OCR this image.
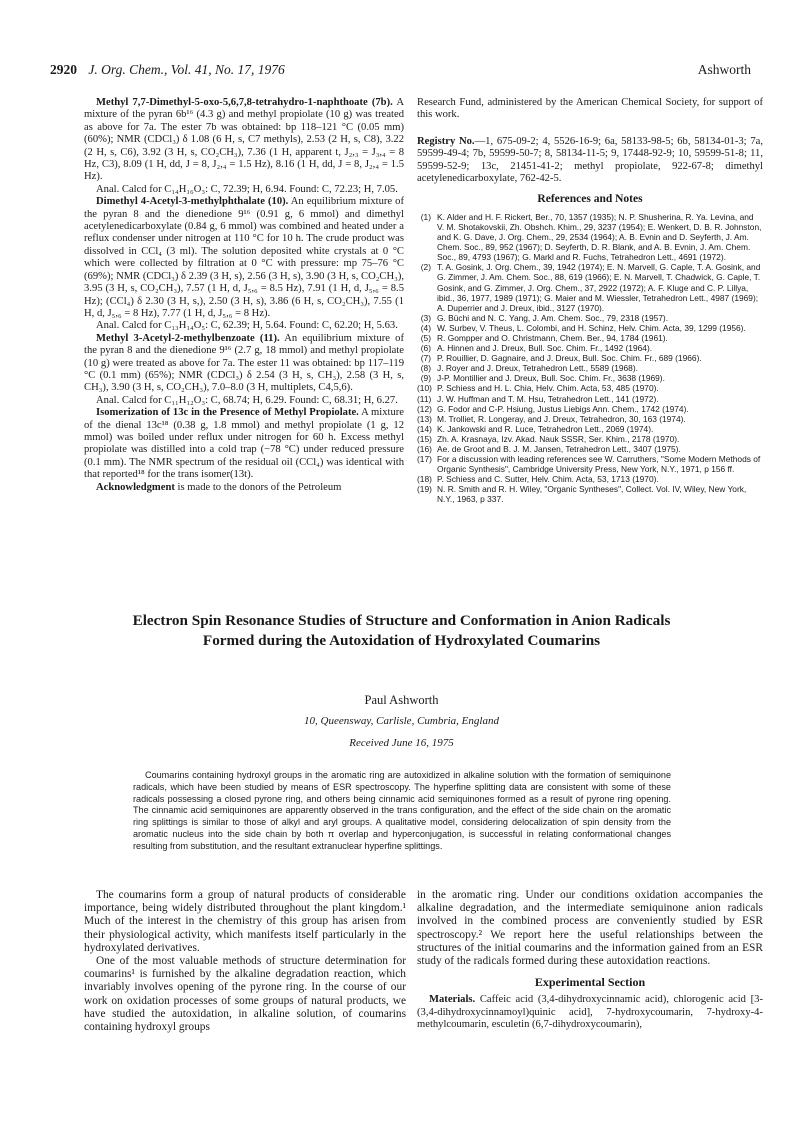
2920 J. Org. Chem., Vol. 41, No. 17, 1976	Ashworth

Methyl 7,7-Dimethyl-5-oxo-5,6,7,8-tetrahydro-1-naphthoate (7b). A mixture of the pyran 6b¹⁶ (4.3 g) and methyl propiolate (10 g) was treated as above for 7a. The ester 7b was obtained: bp 118–121 °C (0.05 mm) (60%); NMR (CDCl₃) δ 1.08 (6 H, s, C7 methyls), 2.53 (2 H, s, C8), 3.22 (2 H, s, C6), 3.92 (3 H, s, CO₂CH₃), 7.36 (1 H, apparent t, J₂,₃ = J₃,₄ = 8 Hz, C3), 8.09 (1 H, dd, J = 8, J₂,₄ = 1.5 Hz), 8.16 (1 H, dd, J = 8, J₂,₄ = 1.5 Hz).

Anal. Calcd for C₁₄H₁₆O₃: C, 72.39; H, 6.94. Found: C, 72.23; H, 7.05.

Dimethyl 4-Acetyl-3-methylphthalate (10). An equilibrium mixture of the pyran 8 and the dienedione 9¹⁶ (0.91 g, 6 mmol) and dimethyl acetylenedicarboxylate (0.84 g, 6 mmol) was combined and heated under a reflux condenser under nitrogen at 110 °C for 10 h. The crude product was dissolved in CCl₄ (3 ml). The solution deposited white crystals at 0 °C which were collected by filtration at 0 °C with pressure: mp 75–76 °C (69%); NMR (CDCl₃) δ 2.39 (3 H, s), 2.56 (3 H, s), 3.90 (3 H, s, CO₂CH₃), 3.95 (3 H, s, CO₂CH₃), 7.57 (1 H, d, J₅,₆ = 8.5 Hz), 7.91 (1 H, d, J₅,₆ = 8.5 Hz); (CCl₄) δ 2.30 (3 H, s,), 2.50 (3 H, s), 3.86 (6 H, s, CO₂CH₃), 7.55 (1 H, d, J₅,₆ = 8 Hz), 7.77 (1 H, d, J₅,₆ = 8 Hz).

Anal. Calcd for C₁₃H₁₄O₅: C, 62.39; H, 5.64. Found: C, 62.20; H, 5.63.

Methyl 3-Acetyl-2-methylbenzoate (11). An equilibrium mixture of the pyran 8 and the dienedione 9¹⁶ (2.7 g, 18 mmol) and methyl propiolate (10 g) were treated as above for 7a. The ester 11 was obtained: bp 117–119 °C (0.1 mm) (65%); NMR (CDCl₃) δ 2.54 (3 H, s, CH₃), 2.58 (3 H, s, CH₃), 3.90 (3 H, s, CO₂CH₃), 7.0–8.0 (3 H, multiplets, C4,5,6).

Anal. Calcd for C₁₁H₁₂O₃: C, 68.74; H, 6.29. Found: C, 68.31; H, 6.27.

Isomerization of 13c in the Presence of Methyl Propiolate. A mixture of the dienal 13c¹⁸ (0.38 g, 1.8 mmol) and methyl propiolate (1 g, 12 mmol) was boiled under reflux under nitrogen for 60 h. Excess methyl propiolate was distilled into a cold trap (−78 °C) under reduced pressure (0.1 mm). The NMR spectrum of the residual oil (CCl₄) was identical with that reported¹⁸ for the trans isomer(13t).

Acknowledgment is made to the donors of the Petroleum

Research Fund, administered by the American Chemical Society, for support of this work.

Registry No.—1, 675-09-2; 4, 5526-16-9; 6a, 58133-98-5; 6b, 58134-01-3; 7a, 59599-49-4; 7b, 59599-50-7; 8, 58134-11-5; 9, 17448-92-9; 10, 59599-51-8; 11, 59599-52-9; 13c, 21451-41-2; methyl propiolate, 922-67-8; dimethyl acetylenedicarboxylate, 762-42-5.

References and Notes
(1) K. Alder and H. F. Rickert, Ber., 70, 1357 (1935); N. P. Shusherina, R. Ya. Levina, and V. M. Shotakovskii, Zh. Obshch. Khim., 29, 3237 (1954); E. Wenkert, D. B. R. Johnston, and K. G. Dave, J. Org. Chem., 29, 2534 (1964); A. B. Evnin and D. Seyferth, J. Am. Chem. Soc., 89, 952 (1967); D. Seyferth, D. R. Blank, and A. B. Evnin, J. Am. Chem. Soc., 89, 4793 (1967); G. Markl and R. Fuchs, Tetrahedron Lett., 4691 (1972).
(2) T. A. Gosink, J. Org. Chem., 39, 1942 (1974); E. N. Marvell, G. Caple, T. A. Gosink, and G. Zimmer, J. Am. Chem. Soc., 88, 619 (1966); E. N. Marvell, T. Chadwick, G. Caple, T. Gosink, and G. Zimmer, J. Org. Chem., 37, 2922 (1972); A. F. Kluge and C. P. Lillya, ibid., 36, 1977, 1989 (1971); G. Maier and M. Wiessler, Tetrahedron Lett., 4987 (1969); A. Duperrier and J. Dreux, ibid., 3127 (1970).
(3) G. Büchi and N. C. Yang, J. Am. Chem. Soc., 79, 2318 (1957).
(4) W. Surbev, V. Theus, L. Colombi, and H. Schinz, Helv. Chim. Acta, 39, 1299 (1956).
(5) R. Gompper and O. Christmann, Chem. Ber., 94, 1784 (1961).
(6) A. Hinnen and J. Dreux, Bull. Soc. Chim. Fr., 1492 (1964).
(7) P. Rouillier, D. Gagnaire, and J. Dreux, Bull. Soc. Chim. Fr., 689 (1966).
(8) J. Royer and J. Dreux, Tetrahedron Lett., 5589 (1968).
(9) J-P. Montillier and J. Dreux, Bull. Soc. Chim. Fr., 3638 (1969).
(10) P. Schiess and H. L. Chia, Helv. Chim. Acta, 53, 485 (1970).
(11) J. W. Huffman and T. M. Hsu, Tetrahedron Lett., 141 (1972).
(12) G. Fodor and C-P. Hsiung, Justus Liebigs Ann. Chem., 1742 (1974).
(13) M. Trolliet, R. Longeray, and J. Dreux, Tetrahedron, 30, 163 (1974).
(14) K. Jankowski and R. Luce, Tetrahedron Lett., 2069 (1974).
(15) Zh. A. Krasnaya, Izv. Akad. Nauk SSSR, Ser. Khim., 2178 (1970).
(16) Ae. de Groot and B. J. M. Jansen, Tetrahedron Lett., 3407 (1975).
(17) For a discussion with leading references see W. Carruthers, "Some Modern Methods of Organic Synthesis", Cambridge University Press, New York, N.Y., 1971, p 156 ff.
(18) P. Schiess and C. Sutter, Helv. Chim. Acta, 53, 1713 (1970).
(19) N. R. Smith and R. H. Wiley, "Organic Syntheses", Collect. Vol. IV, Wiley, New York, N.Y., 1963, p 337.
Electron Spin Resonance Studies of Structure and Conformation in Anion Radicals Formed during the Autoxidation of Hydroxylated Coumarins
Paul Ashworth
10, Queensway, Carlisle, Cumbria, England
Received June 16, 1975
Coumarins containing hydroxyl groups in the aromatic ring are autoxidized in alkaline solution with the formation of semiquinone radicals, which have been studied by means of ESR spectroscopy. The hyperfine splitting data are consistent with some of these radicals possessing a closed pyrone ring, and others being cinnamic acid semiquinones formed as a result of pyrone ring opening. The cinnamic acid semiquinones are apparently observed in the trans configuration, and the effect of the side chain on the aromatic ring splittings is similar to those of alkyl and aryl groups. A qualitative model, considering delocalization of spin density from the aromatic nucleus into the side chain by both π overlap and hyperconjugation, is successful in relating conformational changes resulting from substitution, and the resultant extranuclear hyperfine splittings.

The coumarins form a group of natural products of considerable importance, being widely distributed throughout the plant kingdom.¹ Much of the interest in the chemistry of this group has arisen from their physiological activity, which manifests itself particularly in the hydroxylated derivatives.

One of the most valuable methods of structure determination for coumarins¹ is furnished by the alkaline degradation reaction, which invariably involves opening of the pyrone ring. In the course of our work on oxidation processes of some groups of natural products, we have studied the autoxidation, in alkaline solution, of coumarins containing hydroxyl groups

in the aromatic ring. Under our conditions oxidation accompanies the alkaline degradation, and the intermediate semiquinone anion radicals involved in the combined process are conveniently studied by ESR spectroscopy.² We report here the useful relationships between the structures of the initial coumarins and the information gained from an ESR study of the radicals formed during these autoxidation reactions.

Experimental Section

Materials. Caffeic acid (3,4-dihydroxycinnamic acid), chlorogenic acid [3-(3,4-dihydroxycinnamoyl)quinic acid], 7-hydroxycoumarin, 7-hydroxy-4-methylcoumarin, esculetin (6,7-dihydroxycoumarin),
